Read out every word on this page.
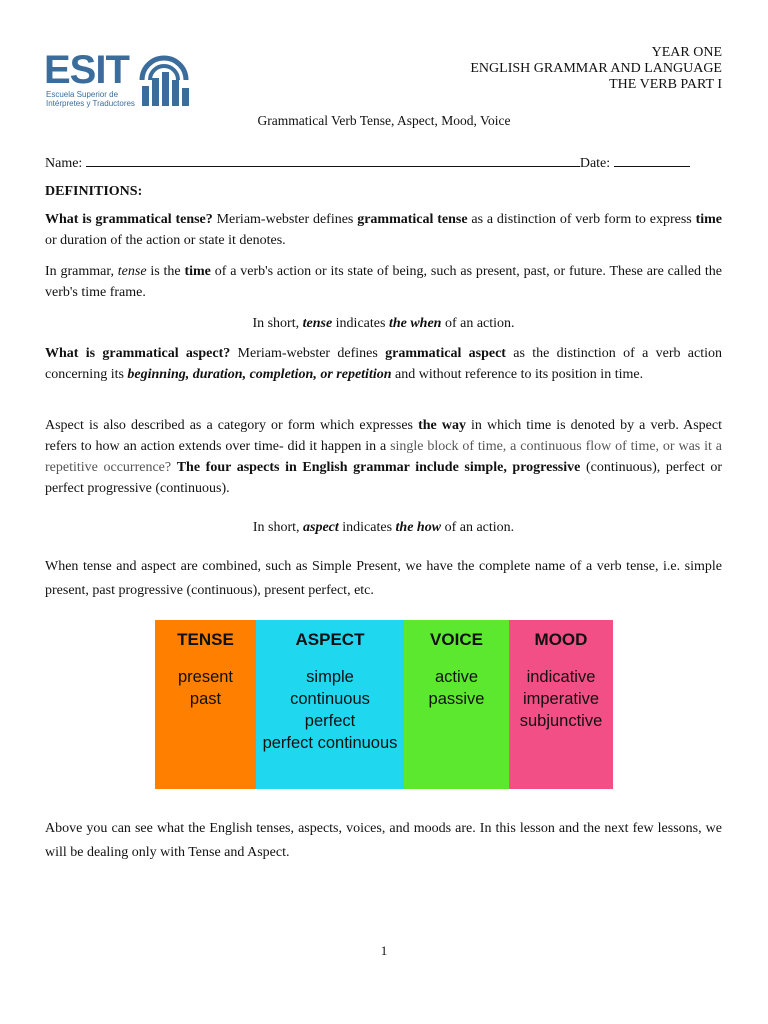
ESIT
Escuela Superior de
Intérpretes y Traductores
YEAR ONE
ENGLISH GRAMMAR AND LANGUAGE
THE VERB PART I
Grammatical Verb Tense, Aspect, Mood, Voice
Name:	Date:
DEFINITIONS:
What is grammatical tense? Meriam-webster defines grammatical tense as a distinction of verb form to express time or duration of the action or state it denotes.
In grammar, tense is the time of a verb's action or its state of being, such as present, past, or future. These are called the verb's time frame.
In short, tense indicates the when of an action.
What is grammatical aspect? Meriam-webster defines grammatical aspect as the distinction of a verb action concerning its beginning, duration, completion, or repetition and without reference to its position in time.
Aspect is also described as a category or form which expresses the way in which time is denoted by a verb. Aspect refers to how an action extends over time- did it happen in a single block of time, a continuous flow of time, or was it a repetitive occurrence? The four aspects in English grammar include simple, progressive (continuous), perfect or perfect progressive (continuous).
In short, aspect indicates the how of an action.
When tense and aspect are combined, such as Simple Present, we have the complete name of a verb tense, i.e. simple present, past progressive (continuous), present perfect, etc.
TENSE
present
past
ASPECT
simple
continuous
perfect
perfect continuous
VOICE
active
passive
MOOD
indicative
imperative
subjunctive
Above you can see what the English tenses, aspects, voices, and moods are. In this lesson and the next few lessons, we will be dealing only with Tense and Aspect.
1
